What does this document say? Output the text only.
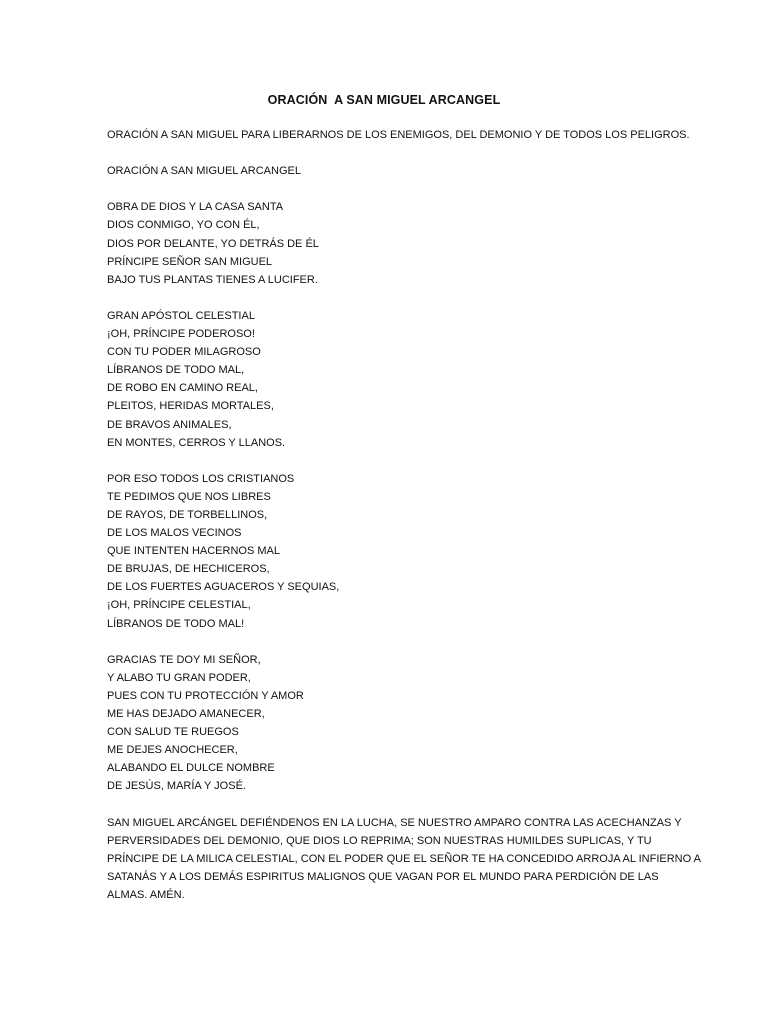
ORACIÓN  A SAN MIGUEL ARCANGEL
ORACIÓN A SAN MIGUEL PARA LIBERARNOS DE LOS ENEMIGOS, DEL DEMONIO Y DE TODOS LOS PELIGROS.
ORACIÓN A SAN MIGUEL ARCANGEL
OBRA DE DIOS Y LA CASA SANTA
DIOS CONMIGO, YO CON ÉL,
DIOS POR DELANTE, YO DETRÁS DE ÉL
PRÍNCIPE SEÑOR SAN MIGUEL
BAJO TUS PLANTAS TIENES A LUCIFER.
GRAN APÓSTOL CELESTIAL
¡OH, PRÍNCIPE PODEROSO!
CON TU PODER MILAGROSO
LÍBRANOS DE TODO MAL,
DE ROBO EN CAMINO REAL,
PLEITOS, HERIDAS MORTALES,
DE BRAVOS ANIMALES,
EN MONTES, CERROS Y LLANOS.
POR ESO TODOS LOS CRISTIANOS
TE PEDIMOS QUE NOS LIBRES
DE RAYOS, DE TORBELLINOS,
DE LOS MALOS VECINOS
QUE INTENTEN HACERNOS MAL
DE BRUJAS, DE HECHICEROS,
DE LOS FUERTES AGUACEROS Y SEQUIAS,
¡OH, PRÍNCIPE CELESTIAL,
LÍBRANOS DE TODO MAL!
GRACIAS TE DOY MI SEÑOR,
Y ALABO TU GRAN PODER,
PUES CON TU PROTECCIÓN Y AMOR
ME HAS DEJADO AMANECER,
CON SALUD TE RUEGOS
ME DEJES ANOCHECER,
ALABANDO EL DULCE NOMBRE
DE JESÚS, MARÍA Y JOSÉ.
SAN MIGUEL ARCÁNGEL DEFIÉNDENOS EN LA LUCHA, SE NUESTRO AMPARO CONTRA LAS ACECHANZAS Y
PERVERSIDADES DEL DEMONIO, QUE DIOS LO REPRIMA; SON NUESTRAS HUMILDES SUPLICAS, Y TU
PRÍNCIPE DE LA MILICA CELESTIAL, CON EL PODER QUE EL SEÑOR TE HA CONCEDIDO ARROJA AL INFIERNO A
SATANÁS Y A LOS DEMÁS ESPIRITUS MALIGNOS QUE VAGAN POR EL MUNDO PARA PERDICIÓN DE LAS
ALMAS. AMÉN.
